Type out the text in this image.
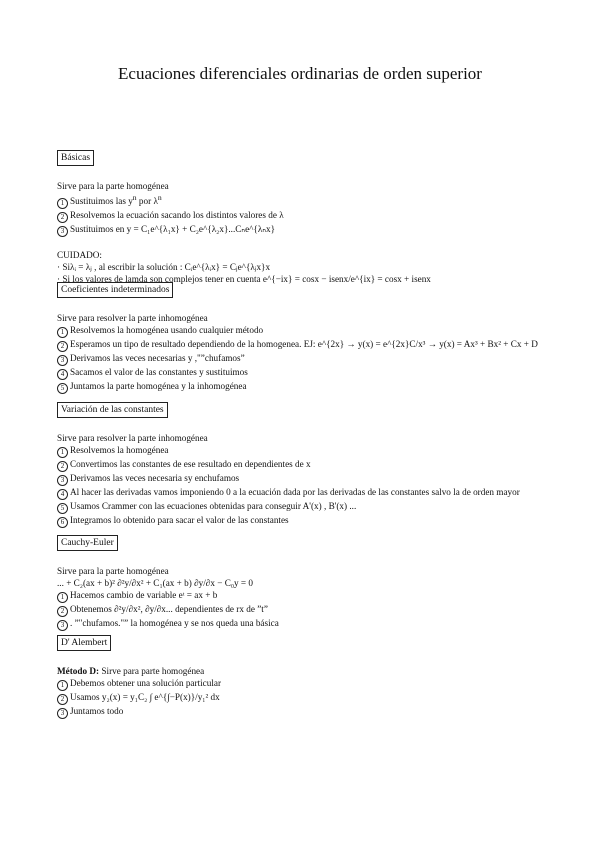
Ecuaciones diferenciales ordinarias de orden superior
Básicas
Sirve para la parte homogénea
1 Sustituimos las $y^n$ por $\lambda^n$
2 Resolvemos la ecuación sacando los distintos valores de λ
3 Sustituimos en y = C₁e^{λ₁x} + C₂e^{λ₂x}...Cₙe^{λₙx}
CUIDADO:
· Siλᵢ = λⱼ , al escribir la solución : Cᵢe^{λᵢx} = Cⱼe^{λⱼx}x
· Si los valores de lamda son complejos tener en cuenta e^{−ix} = cosx − isenx/e^{ix} = cosx + isenx
Coeficientes indeterminados
Sirve para resolver la parte inhomogénea
1 Resolvemos la homogénea usando cualquier método
2 Esperamos un tipo de resultado dependiendo de la homogenea. EJ: e^{2x} → y(x) = e^{2x}C/x³ → y(x) = Ax³ + Bx² + Cx + D
3 Derivamos las veces necesarias y ,"”chufamos”
4 Sacamos el valor de las constantes y sustituimos
5 Juntamos la parte homogénea y la inhomogénea
Variación de las constantes
Sirve para resolver la parte inhomogénea
1 Resolvemos la homogénea
2 Convertimos las constantes de ese resultado en dependientes de x
3 Derivamos las veces necesaria sy enchufamos
4 Al hacer las derivadas vamos imponiendo 0 a la ecuación dada por las derivadas de las constantes salvo la de orden mayor
5 Usamos Crammer con las ecuaciones obtenidas para conseguir A'(x) , B'(x) ...
6 Integramos lo obtenido para sacar el valor de las constantes
Cauchy-Euler
Sirve para la parte homogénea
... + C₂(ax + b)² ∂²y/∂x² + C₁(ax + b) ∂y/∂x − C₀y = 0
1 Hacemos cambio de variable eᵗ = ax + b
2 Obtenemos ∂²y/∂x², ∂y/∂x... dependientes de rx de ”t”
3 . ”"chufamos."” la homogénea y se nos queda una básica
D' Alembert
Método D: Sirve para parte homogénea
1 Debemos obtener una solución particular
2 Usamos y₂(x) = y₁C₂ ∫ e^{∫−P(x)}/y₁² dx
3 Juntamos todo
